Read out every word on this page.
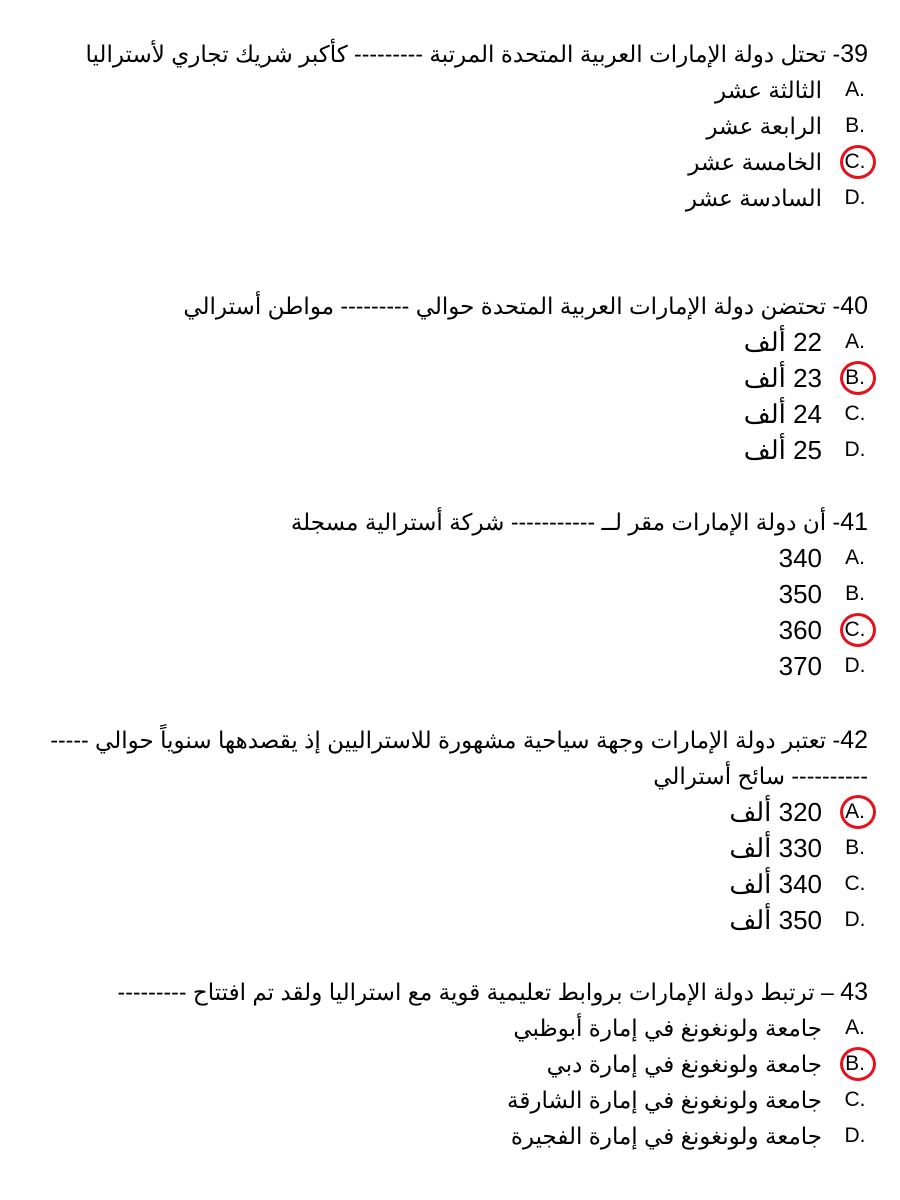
39- تحتل دولة الإمارات العربية المتحدة المرتبة --------- كأكبر شريك تجاري لأستراليا

A.
الثالثة عشر
B.
الرابعة عشر
C.
الخامسة عشر
D.
السادسة عشر

40- تحتضن دولة الإمارات العربية المتحدة حوالي --------- مواطن أسترالي

A.
22 ألف
B.
23 ألف
C.
24 ألف
D.
25 ألف

41- أن دولة الإمارات مقر لــ ----------- شركة أسترالية مسجلة

A.
340
B.
350
C.
360
D.
370

42- تعتبر دولة الإمارات وجهة سياحية مشهورة للاستراليين إذ يقصدهها سنوياً حوالي --------------- سائح أسترالي

A.
320 ألف
B.
330 ألف
C.
340 ألف
D.
350 ألف

43 – ترتبط دولة الإمارات بروابط تعليمية قوية مع استراليا ولقد تم افتتاح ---------

A.
جامعة ولونغونغ في إمارة أبوظبي
B.
جامعة ولونغونغ في إمارة دبي
C.
جامعة ولونغونغ في إمارة الشارقة
D.
جامعة ولونغونغ في إمارة الفجيرة
